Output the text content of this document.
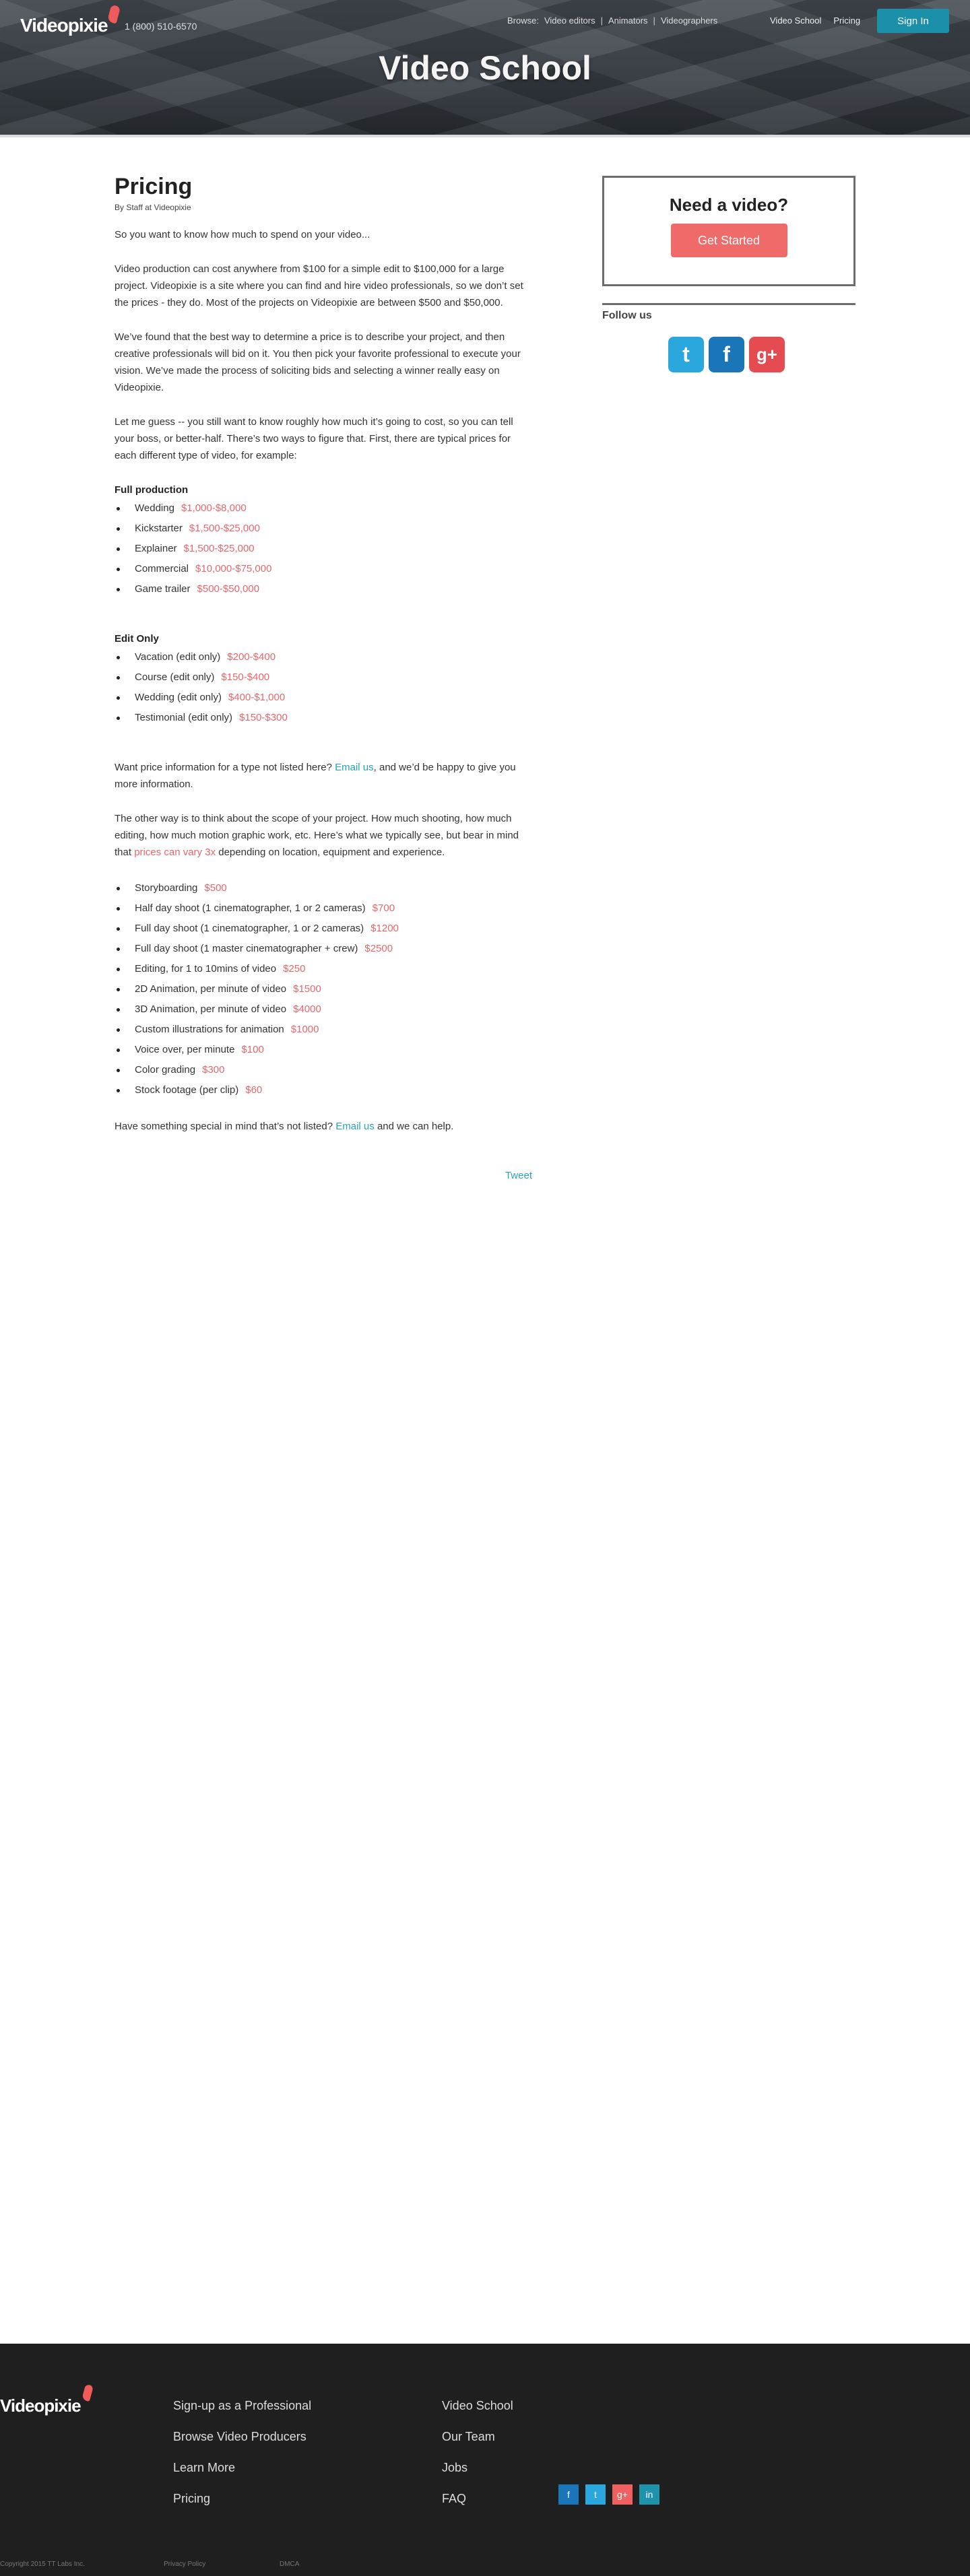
Videopixie 1 (800) 510-6570
Browse: Video editors | Animators | Videographers	Video School Pricing	Sign In
Video School
Pricing
By Staff at Videopixie

So you want to know how much to spend on your video...

Video production can cost anywhere from $100 for a simple edit to $100,000 for a large project. Videopixie is a site where you can find and hire video professionals, so we don’t set the prices - they do. Most of the projects on Videopixie are between $500 and $50,000.

We’ve found that the best way to determine a price is to describe your project, and then creative professionals will bid on it. You then pick your favorite professional to execute your vision. We’ve made the process of soliciting bids and selecting a winner really easy on Videopixie.

Let me guess -- you still want to know roughly how much it’s going to cost, so you can tell your boss, or better-half. There’s two ways to figure that. First, there are typical prices for each different type of video, for example:

Full production
Wedding $1,000-$8,000
Kickstarter $1,500-$25,000
Explainer $1,500-$25,000
Commercial $10,000-$75,000
Game trailer $500-$50,000
Edit Only
Vacation (edit only) $200-$400
Course (edit only) $150-$400
Wedding (edit only) $400-$1,000
Testimonial (edit only) $150-$300

Want price information for a type not listed here? Email us, and we’d be happy to give you more information.

The other way is to think about the scope of your project. How much shooting, how much editing, how much motion graphic work, etc. Here’s what we typically see, but bear in mind that prices can vary 3x depending on location, equipment and experience.

Storyboarding $500
Half day shoot (1 cinematographer, 1 or 2 cameras) $700
Full day shoot (1 cinematographer, 1 or 2 cameras) $1200
Full day shoot (1 master cinematographer + crew) $2500
Editing, for 1 to 10mins of video $250
2D Animation, per minute of video $1500
3D Animation, per minute of video $4000
Custom illustrations for animation $1000
Voice over, per minute $100
Color grading $300
Stock footage (per clip) $60

Have something special in mind that’s not listed? Email us and we can help.

Tweet
Need a video?
Get Started
Follow us
t	f	g+
Videopixie	Sign-up as a Professional
Browse Video Producers
Learn More
Pricing
Video School
Our Team
Jobs
FAQ	f	t	g+	in
Copyright 2015 TT Labs Inc.	Privacy Policy	DMCA
